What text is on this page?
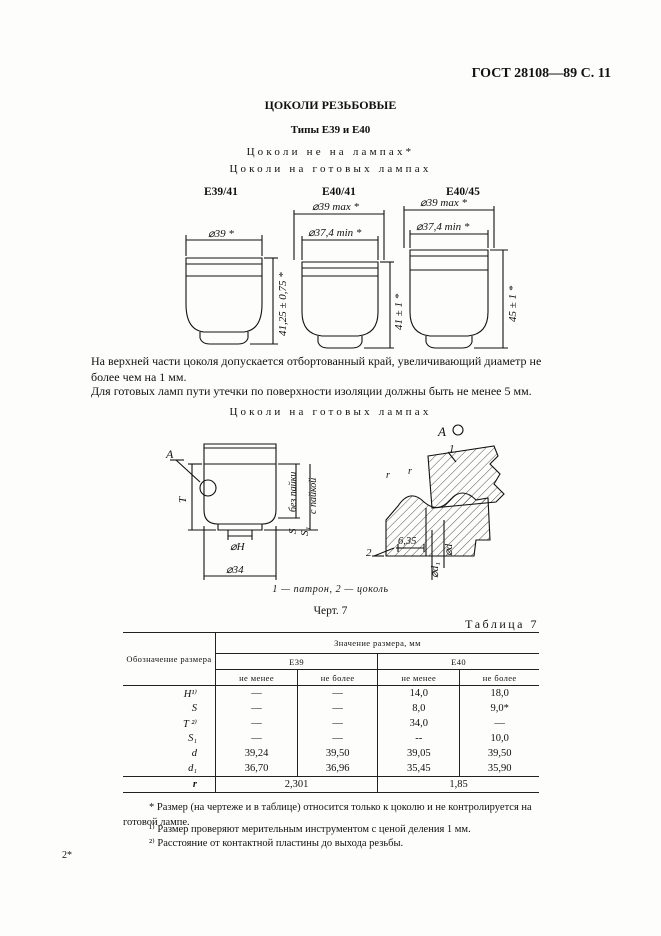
ГОСТ 28108—89 С. 11
ЦОКОЛИ РЕЗЬБОВЫЕ
Типы Е39 и Е40
Цоколи не на лампах*
Цоколи на готовых лампах
Е39/41	Е40/41	Е40/45
⌀39 *
⌀39 max *
⌀37,4 min *
⌀39 max *
⌀37,4 min *
41,25 ± 0,75 *	41 ± 1 *	45 ± 1 *
А
Т
S S₁
без пайки с пайкой
⌀Н
⌀34
А
1
2
r r
6,35
⌀d
⌀d₁
На верхней части цоколя допускается отбортованный край, увеличивающий диаметр не более чем на 1 мм.
Для готовых ламп пути утечки по поверхности изоляции должны быть не менее 5 мм.
Цоколи на готовых лампах
1 — патрон, 2 — цоколь
Черт. 7
Таблица 7
Обозначение размера	Значение размера, мм			
	Е39		Е40	
	не менее	не более	не менее	не более
H¹⁾	—	—	14,0	18,0
S	—	—	8,0	9,0*
T ²⁾	—	—	34,0	—
S₁	—	—	--	10,0
d	39,24	39,50	39,05	39,50
d₁	36,70	36,96	35,45	35,90
r	2,301		1,85	
* Размер (на чертеже и в таблице) относится только к цоколю и не контролируется на готовой лампе.
¹⁾ Размер проверяют мерительным инструментом с ценой деления 1 мм.
²⁾ Расстояние от контактной пластины до выхода резьбы.
2*
